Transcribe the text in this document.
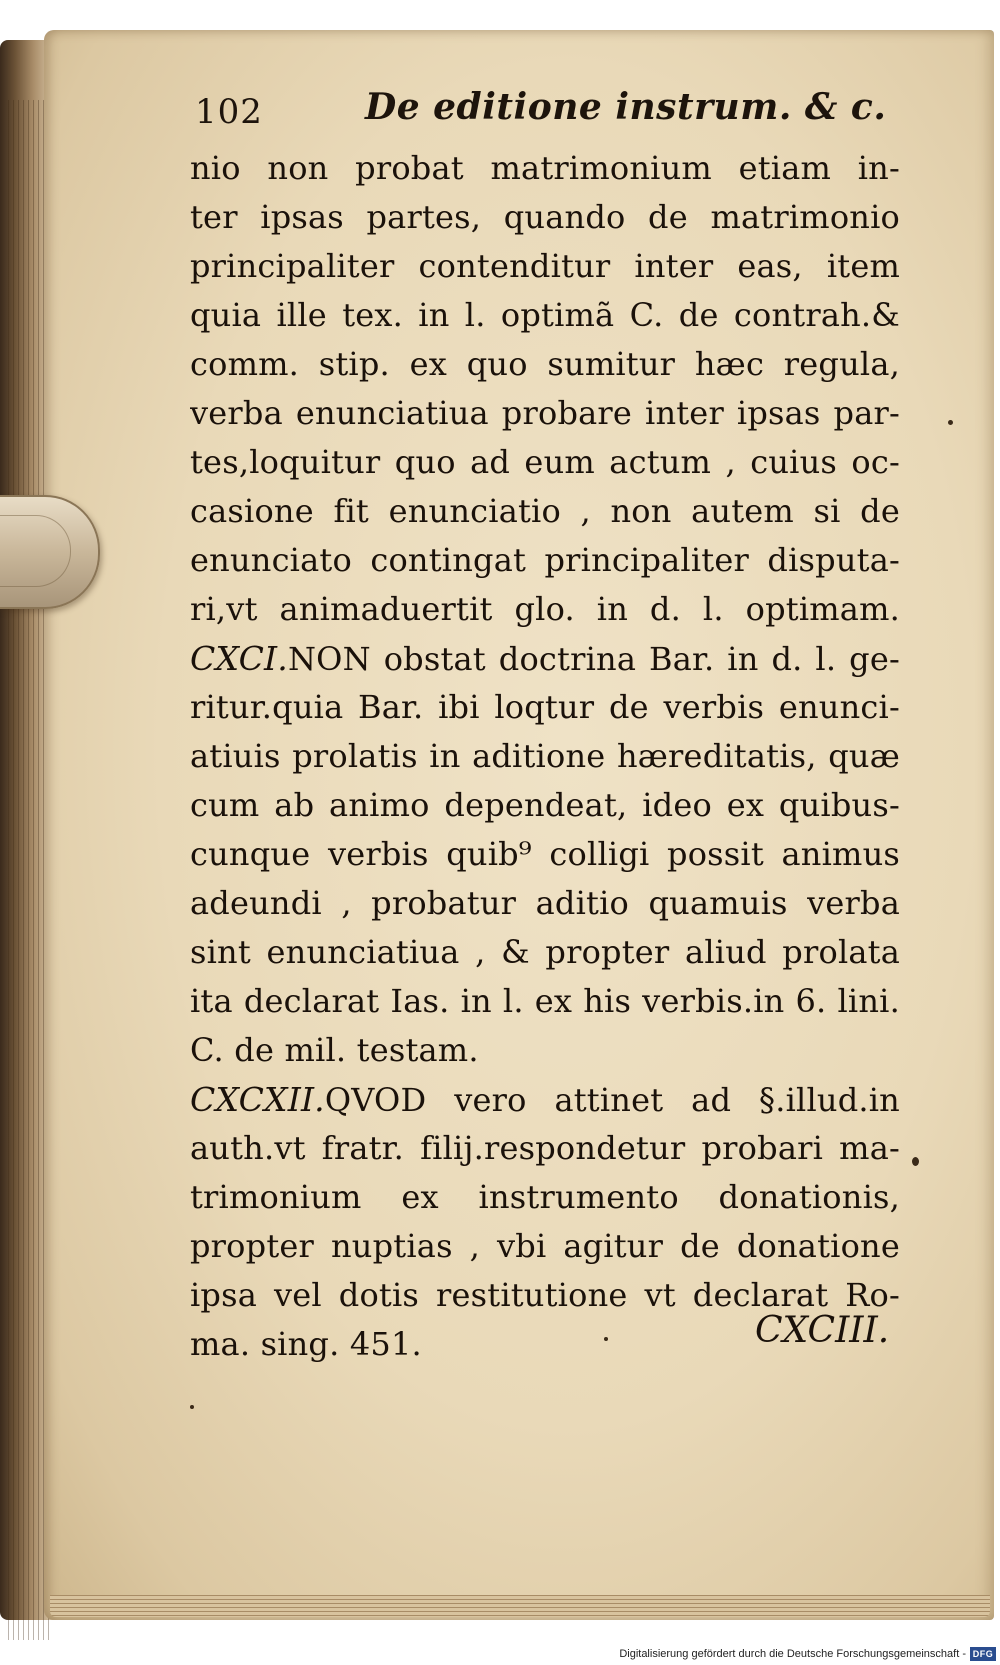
102	De editione instrum. & c.
nio non probat matrimonium etiam in-
ter ipsas partes, quando de matrimonio
principaliter contenditur inter eas, item
quia ille tex. in l. optimã C. de contrah.&
comm. stip. ex quo sumitur hæc regula,
verba enunciatiua probare inter ipsas par-
tes,loquitur quo ad eum actum , cuius oc-
casione fit enunciatio , non autem si de
enunciato contingat principaliter disputa-
ri,vt animaduertit glo. in d. l. optimam.
CXCI.NON obstat doctrina Bar. in d. l. ge-
ritur.quia Bar. ibi loqtur de verbis enunci-
atiuis prolatis in aditione hæreditatis, quæ
cum ab animo dependeat, ideo ex quibus-
cunque verbis quib⁹ colligi possit animus
adeundi , probatur aditio quamuis verba
sint enunciatiua , & propter aliud prolata
ita declarat Ias. in l. ex his verbis.in 6. lini.
C. de mil. testam.
CXCXII.QVOD vero attinet ad §.illud.in
auth.vt fratr. filij.respondetur probari ma-
trimonium ex instrumento donationis,
propter nuptias , vbi agitur de donatione
ipsa vel dotis restitutione vt declarat Ro-
ma. sing. 451.	CXCIII.
Digitalisierung gefördert durch die Deutsche Forschungsgemeinschaft - DFG
